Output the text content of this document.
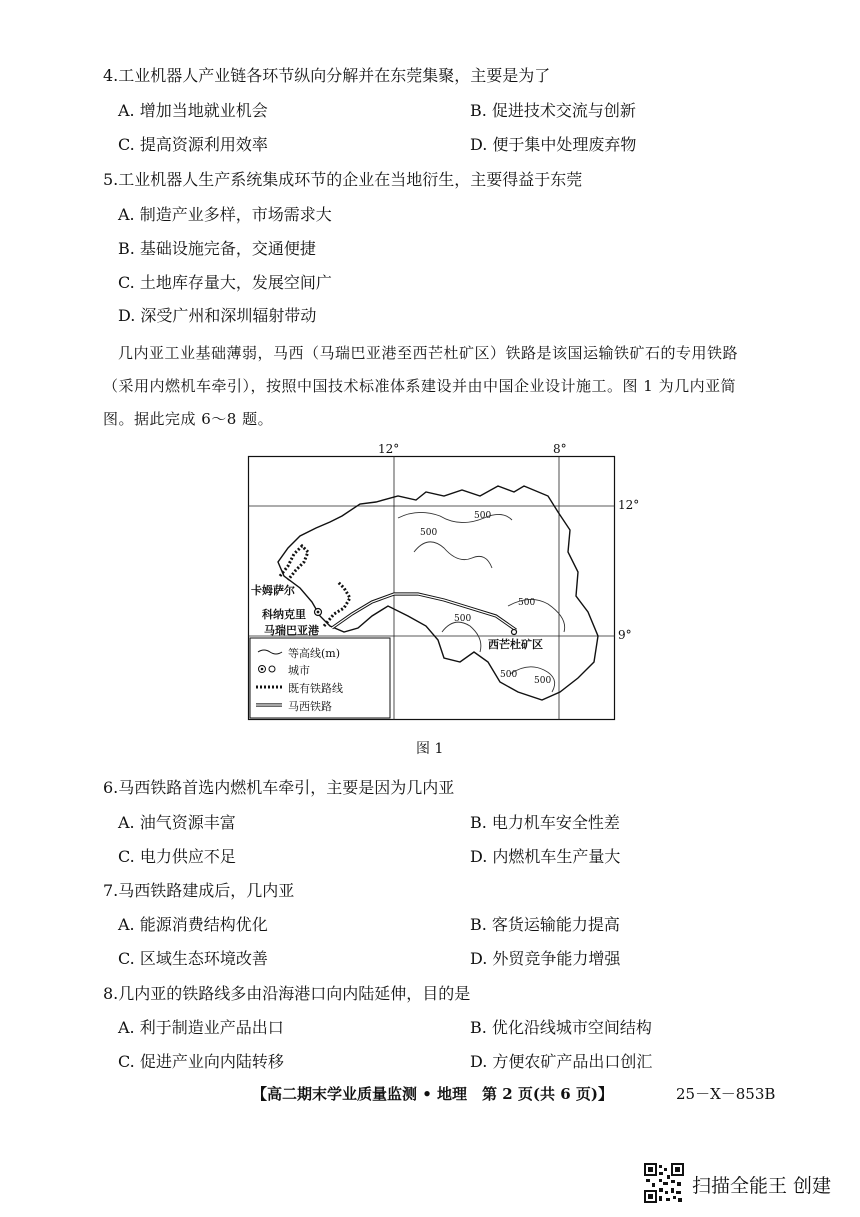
4.工业机器人产业链各环节纵向分解并在东莞集聚，主要是为了
A. 增加当地就业机会	B. 促进技术交流与创新
C. 提高资源利用效率	D. 便于集中处理废弃物
5.工业机器人生产系统集成环节的企业在当地衍生，主要得益于东莞
A. 制造产业多样，市场需求大
B. 基础设施完备，交通便捷
C. 土地库存量大，发展空间广
D. 深受广州和深圳辐射带动
几内亚工业基础薄弱，马西（马瑞巴亚港至西芒杜矿区）铁路是该国运输铁矿石的专用铁路
（采用内燃机车牵引），按照中国技术标准体系建设并由中国企业设计施工。图 1 为几内亚简
图。据此完成 6～8 题。
12°	8°
12°
9°
500
500
500
500
500
500
卡姆萨尔
科纳克里
马瑞巴亚港
西芒杜矿区
等高线(m)
城市
既有铁路线
马西铁路
图 1
6.马西铁路首选内燃机车牵引，主要是因为几内亚
A. 油气资源丰富	B. 电力机车安全性差
C. 电力供应不足	D. 内燃机车生产量大
7.马西铁路建成后，几内亚
A. 能源消费结构优化	B. 客货运输能力提高
C. 区域生态环境改善	D. 外贸竞争能力增强
8.几内亚的铁路线多由沿海港口向内陆延伸，目的是
A. 利于制造业产品出口	B. 优化沿线城市空间结构
C. 促进产业向内陆转移	D. 方便农矿产品出口创汇
【高二期末学业质量监测 • 地理　第 2 页(共 6 页)】	25－X－853B
扫描全能王 创建
